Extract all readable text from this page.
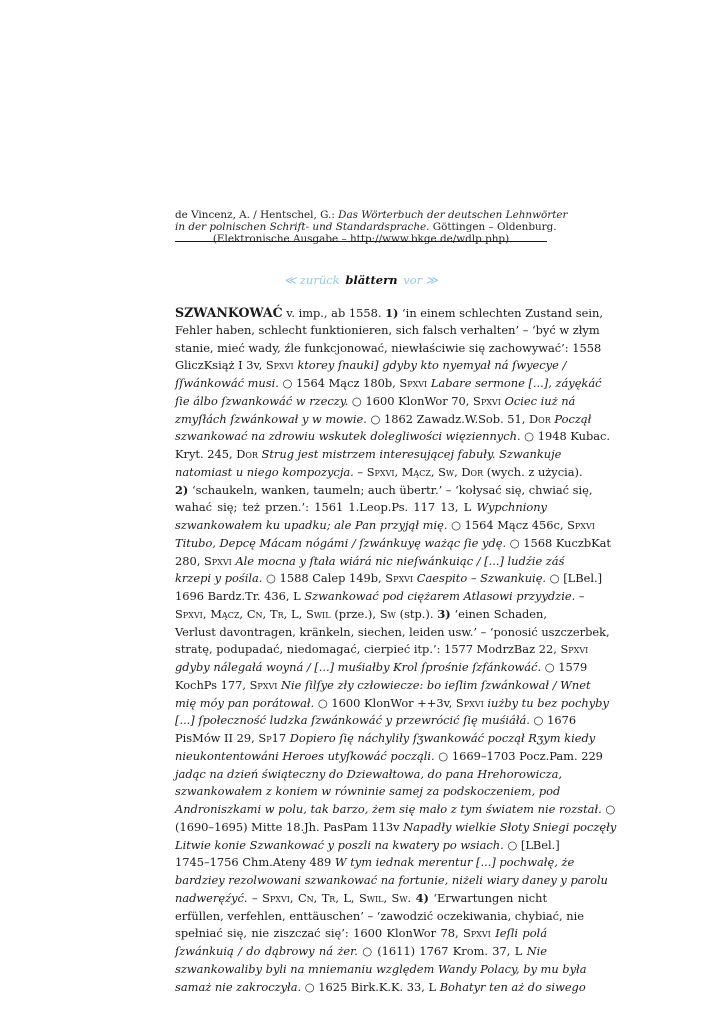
de Vincenz, A. / Hentschel, G.: Das Wörterbuch der deutschen Lehnwörter
in der polnischen Schrift- und Standardsprache. Göttingen – Oldenburg.
(Elektronische Ausgabe – http://www.bkge.de/wdlp.php)
≪ zurück blättern vor ≫
SZWANKOWAĆ v. imp., ab 1558. 1) ‘in einem schlechten Zustand sein,
Fehler haben, schlecht funktionieren, sich falsch verhalten’ – ‘być w złym
stanie, mieć wady, źle funkcjonować, niewłaściwie się zachowywać’: 1558
GliczKsiąż I 3v, Spxvi ktorey ſnauki] gdyby kto nyemyał ná ſwyecye /
ſſwánkowáć musi. ○ 1564 Mącz 180b, Spxvi Labare sermone [...], záyękáć
ſie álbo ſzwankowáć w rzeczy. ○ 1600 KlonWor 70, Spxvi Ociec iuż ná
zmyſłách ſzwánkował y w mowie. ○ 1862 Zawadz.W.Sob. 51, Dor Począł
szwankować na zdrowiu wskutek dolegliwości więziennych. ○ 1948 Kubac.
Kryt. 245, Dor Strug jest mistrzem interesującej fabuły. Szwankuje
natomiast u niego kompozycja. – Spxvi, Mącz, Sw, Dor (wych. z użycia).
2) ‘schaukeln, wanken, taumeln; auch übertr.’ – ‘kołysać się, chwiać się,
wahać się; też przen.’: 1561 1.Leop.Ps. 117 13, L Wypchniony
szwankowałem ku upadku; ale Pan przyjął mię. ○ 1564 Mącz 456c, Spxvi
Titubo, Depcę Mácam nógámi / ſzwánkuyę ważąc ſie ydę. ○ 1568 KuczbKat
280, Spxvi Ale mocna y ſtała wiárá nic nieſwánkuiąc / [...] ludźie záś
krzepi y pośila. ○ 1588 Calep 149b, Spxvi Caespito – Szwankuię. ○ [LBel.]
1696 Bardz.Tr. 436, L Szwankować pod ciężarem Atlasowi przyydzie. –
Spxvi, Mącz, Cn, Tr, L, Swil (prze.), Sw (stp.). 3) ‘einen Schaden,
Verlust davontragen, kränkeln, siechen, leiden usw.’ – ‘ponosić uszczerbek,
stratę, podupadać, niedomagać, cierpieć itp.’: 1577 ModrzBaz 22, Spxvi
gdyby nálegałá woyná / [...] muśiałby Krol ſprośnie ſzfánkowáć. ○ 1579
KochPs 177, Spxvi Nie ſilſye zły człowiecze: bo ieſlim ſzwánkował / Wnet
mię móy pan porátował. ○ 1600 KlonWor ++3v, Spxvi iużby tu bez pochyby
[...] ſpołeczność ludzka ſzwánkowáć y przewrócić ſię muśiáłá. ○ 1676
PisMów II 29, Sp17 Dopiero ſię náchyliły ſʒwankowáć począł Rʒym kiedy
nieukontentowáni Heroes utyſkowáć począli. ○ 1669–1703 Pocz.Pam. 229
jadąc na dzień świąteczny do Dziewałtowa, do pana Hrehorowicza,
szwankowałem z koniem w równinie samej za podskoczeniem, pod
Androniszkami w polu, tak barzo, żem się mało z tym światem nie rozstał. ○
(1690–1695) Mitte 18.Jh. PasPam 113v Napadły wielkie Słoty Sniegi poczęły
Litwie konie Szwankować y poszli na kwatery po wsiach. ○ [LBel.]
1745–1756 Chm.Ateny 489 W tym iednak merentur [...] pochwałę, że
bardziey rezolwowani szwankować na fortunie, niżeli wiary daney y parolu
nadweręźyć. – Spxvi, Cn, Tr, L, Swil, Sw. 4) ‘Erwartungen nicht
erfüllen, verfehlen, enttäuschen’ – ‘zawodzić oczekiwania, chybiać, nie
spełniać się, nie ziszczać się’: 1600 KlonWor 78, Spxvi Ieſli polá
ſzwánkuią / do dąbrowy ná żer. ○ (1611) 1767 Krom. 37, L Nie
szwankowaliby byli na mniemaniu względem Wandy Polacy, by mu była
samaż nie zakroczyła. ○ 1625 Birk.K.K. 33, L Bohatyr ten aż do siwego
